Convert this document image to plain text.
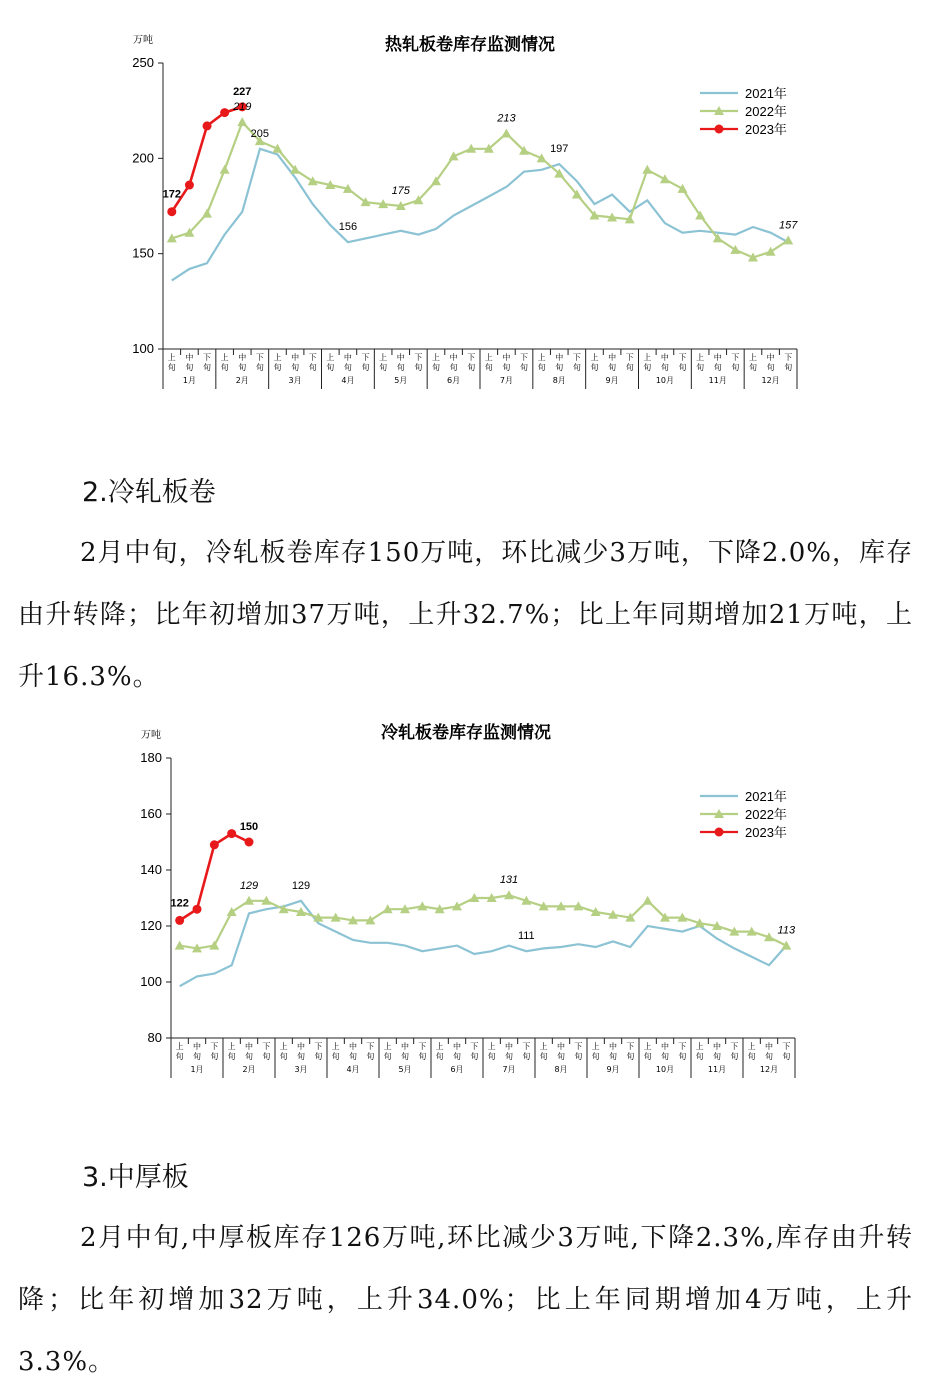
热轧板卷库存监测情况
万吨
100
150
200
250
上
旬
中
旬
下
旬
上
旬
中
旬
下
旬
上
旬
中
旬
下
旬
上
旬
中
旬
下
旬
上
旬
中
旬
下
旬
上
旬
中
旬
下
旬
上
旬
中
旬
下
旬
上
旬
中
旬
下
旬
上
旬
中
旬
下
旬
上
旬
中
旬
下
旬
上
旬
中
旬
下
旬
上
旬
中
旬
下
旬
1月	2月	3月	4月	5月	6月	7月	8月	9月	10月	11月	12月
172
227
219
205
156
175
213
197
157
2021年
2022年
2023年
2.冷轧板卷
2月中旬，冷轧板卷库存150万吨，环比减少3万吨，下降2.0%，库存由升转降；比年初增加37万吨，上升32.7%；比上年同期增加21万吨，上升16.3%。
冷轧板卷库存监测情况
万吨
80
100
120
140
160
180
上
旬
中
旬
下
旬
上
旬
中
旬
下
旬
上
旬
中
旬
下
旬
上
旬
中
旬
下
旬
上
旬
中
旬
下
旬
上
旬
中
旬
下
旬
上
旬
中
旬
下
旬
上
旬
中
旬
下
旬
上
旬
中
旬
下
旬
上
旬
中
旬
下
旬
上
旬
中
旬
下
旬
上
旬
中
旬
下
旬
1月	2月	3月	4月	5月	6月	7月	8月	9月	10月	11月	12月
122
150
129	129	131
111	113
2021年
2022年
2023年
3.中厚板
2月中旬,中厚板库存126万吨,环比减少3万吨,下降2.3%,库存由升转降；比年初增加32万吨，上升34.0%；比上年同期增加4万吨，上升3.3%。
